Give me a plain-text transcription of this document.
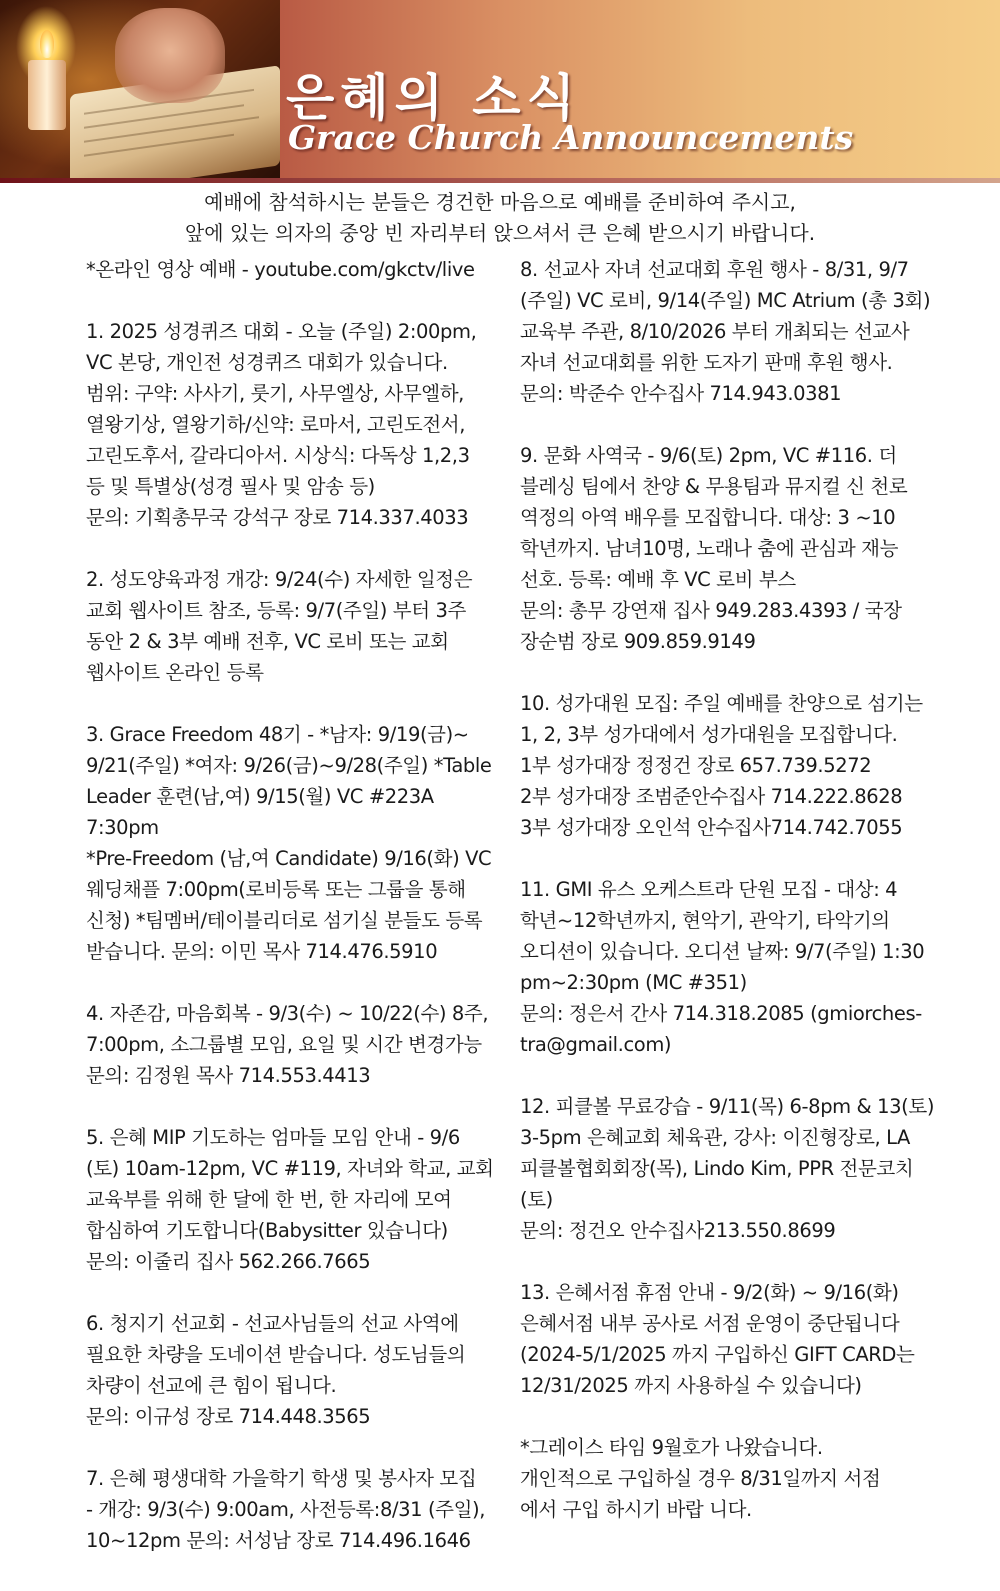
은혜의 소식
Grace Church Announcements
예배에 참석하시는 분들은 경건한 마음으로 예배를 준비하여 주시고,
앞에 있는 의자의 중앙 빈 자리부터 앉으셔서 큰 은혜 받으시기 바랍니다.
*온라인 영상 예배 - youtube.com/gkctv/live
1. 2025 성경퀴즈 대회 - 오늘 (주일) 2:00pm,
VC 본당, 개인전 성경퀴즈 대회가 있습니다.
범위: 구약: 사사기, 룻기, 사무엘상, 사무엘하,
열왕기상, 열왕기하/신약: 로마서, 고린도전서,
고린도후서, 갈라디아서. 시상식: 다독상 1,2,3
등 및 특별상(성경 필사 및 암송 등)
문의: 기획총무국 강석구 장로 714.337.4033
2. 성도양육과정 개강: 9/24(수) 자세한 일정은
교회 웹사이트 참조, 등록: 9/7(주일) 부터 3주
동안 2 & 3부 예배 전후, VC 로비 또는 교회
웹사이트 온라인 등록
3. Grace Freedom 48기 - *남자: 9/19(금)~
9/21(주일) *여자: 9/26(금)~9/28(주일) *Table
Leader 훈련(남,여) 9/15(월) VC #223A 7:30pm
*Pre-Freedom (남,여 Candidate) 9/16(화) VC
웨딩채플 7:00pm(로비등록 또는 그룹을 통해
신청) *팀멤버/테이블리더로 섬기실 분들도 등록
받습니다. 문의: 이민 목사 714.476.5910
4. 자존감, 마음회복 - 9/3(수) ~ 10/22(수) 8주,
7:00pm, 소그룹별 모임, 요일 및 시간 변경가능
문의: 김정원 목사 714.553.4413
5. 은혜 MIP 기도하는 엄마들 모임 안내 - 9/6
(토) 10am-12pm, VC #119, 자녀와 학교, 교회
교육부를 위해 한 달에 한 번, 한 자리에 모여
합심하여 기도합니다(Babysitter 있습니다)
문의: 이줄리 집사 562.266.7665
6. 청지기 선교회 - 선교사님들의 선교 사역에
필요한 차량을 도네이션 받습니다. 성도님들의
차량이 선교에 큰 힘이 됩니다.
문의: 이규성 장로 714.448.3565
7. 은혜 평생대학 가을학기 학생 및 봉사자 모집
- 개강: 9/3(수) 9:00am, 사전등록:8/31 (주일),
10~12pm 문의: 서성남 장로 714.496.1646
8. 선교사 자녀 선교대회 후원 행사 - 8/31, 9/7
(주일) VC 로비, 9/14(주일) MC Atrium (총 3회)
교육부 주관, 8/10/2026 부터 개최되는 선교사
자녀 선교대회를 위한 도자기 판매 후원 행사.
문의: 박준수 안수집사 714.943.0381
9. 문화 사역국 - 9/6(토) 2pm, VC #116. 더
블레싱 팀에서 찬양 & 무용팀과 뮤지컬 신 천로
역정의 아역 배우를 모집합니다. 대상: 3 ~10
학년까지. 남녀10명, 노래나 춤에 관심과 재능
선호. 등록: 예배 후 VC 로비 부스
문의: 총무 강연재 집사 949.283.4393 / 국장
장순범 장로 909.859.9149
10. 성가대원 모집: 주일 예배를 찬양으로 섬기는
1, 2, 3부 성가대에서 성가대원을 모집합니다.
1부 성가대장 정정건 장로 657.739.5272
2부 성가대장 조범준안수집사 714.222.8628
3부 성가대장 오인석 안수집사714.742.7055
11. GMI 유스 오케스트라 단원 모집 - 대상: 4
학년~12학년까지, 현악기, 관악기, 타악기의
오디션이 있습니다. 오디션 날짜: 9/7(주일) 1:30
pm~2:30pm (MC #351)
문의: 정은서 간사 714.318.2085 (gmiorches-
tra@gmail.com)
12. 피클볼 무료강습 - 9/11(목) 6-8pm & 13(토)
3-5pm 은혜교회 체육관, 강사: 이진형장로, LA
피클볼협회회장(목), Lindo Kim, PPR 전문코치(토)
문의: 정건오 안수집사213.550.8699
13. 은혜서점 휴점 안내 - 9/2(화) ~ 9/16(화)
은혜서점 내부 공사로 서점 운영이 중단됩니다
(2024-5/1/2025 까지 구입하신 GIFT CARD는
12/31/2025 까지 사용하실 수 있습니다)
*그레이스 타임 9월호가 나왔습니다.
개인적으로 구입하실 경우 8/31일까지 서점
에서 구입 하시기 바랍 니다.
